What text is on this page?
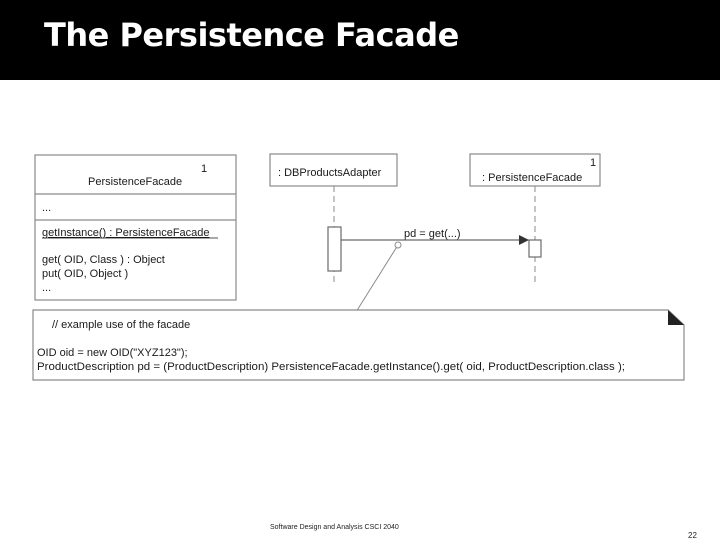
The Persistence Facade
1
PersistenceFacade
...
getInstance() : PersistenceFacade
get( OID, Class ) : Object
put( OID, Object )
...
: DBProductsAdapter
1
: PersistenceFacade
pd = get(...)
// example use of the facade
OID oid = new OID("XYZ123");
ProductDescription pd = (ProductDescription) PersistenceFacade.getInstance().get( oid, ProductDescription.class );
Software Design and Analysis CSCI 2040
22
